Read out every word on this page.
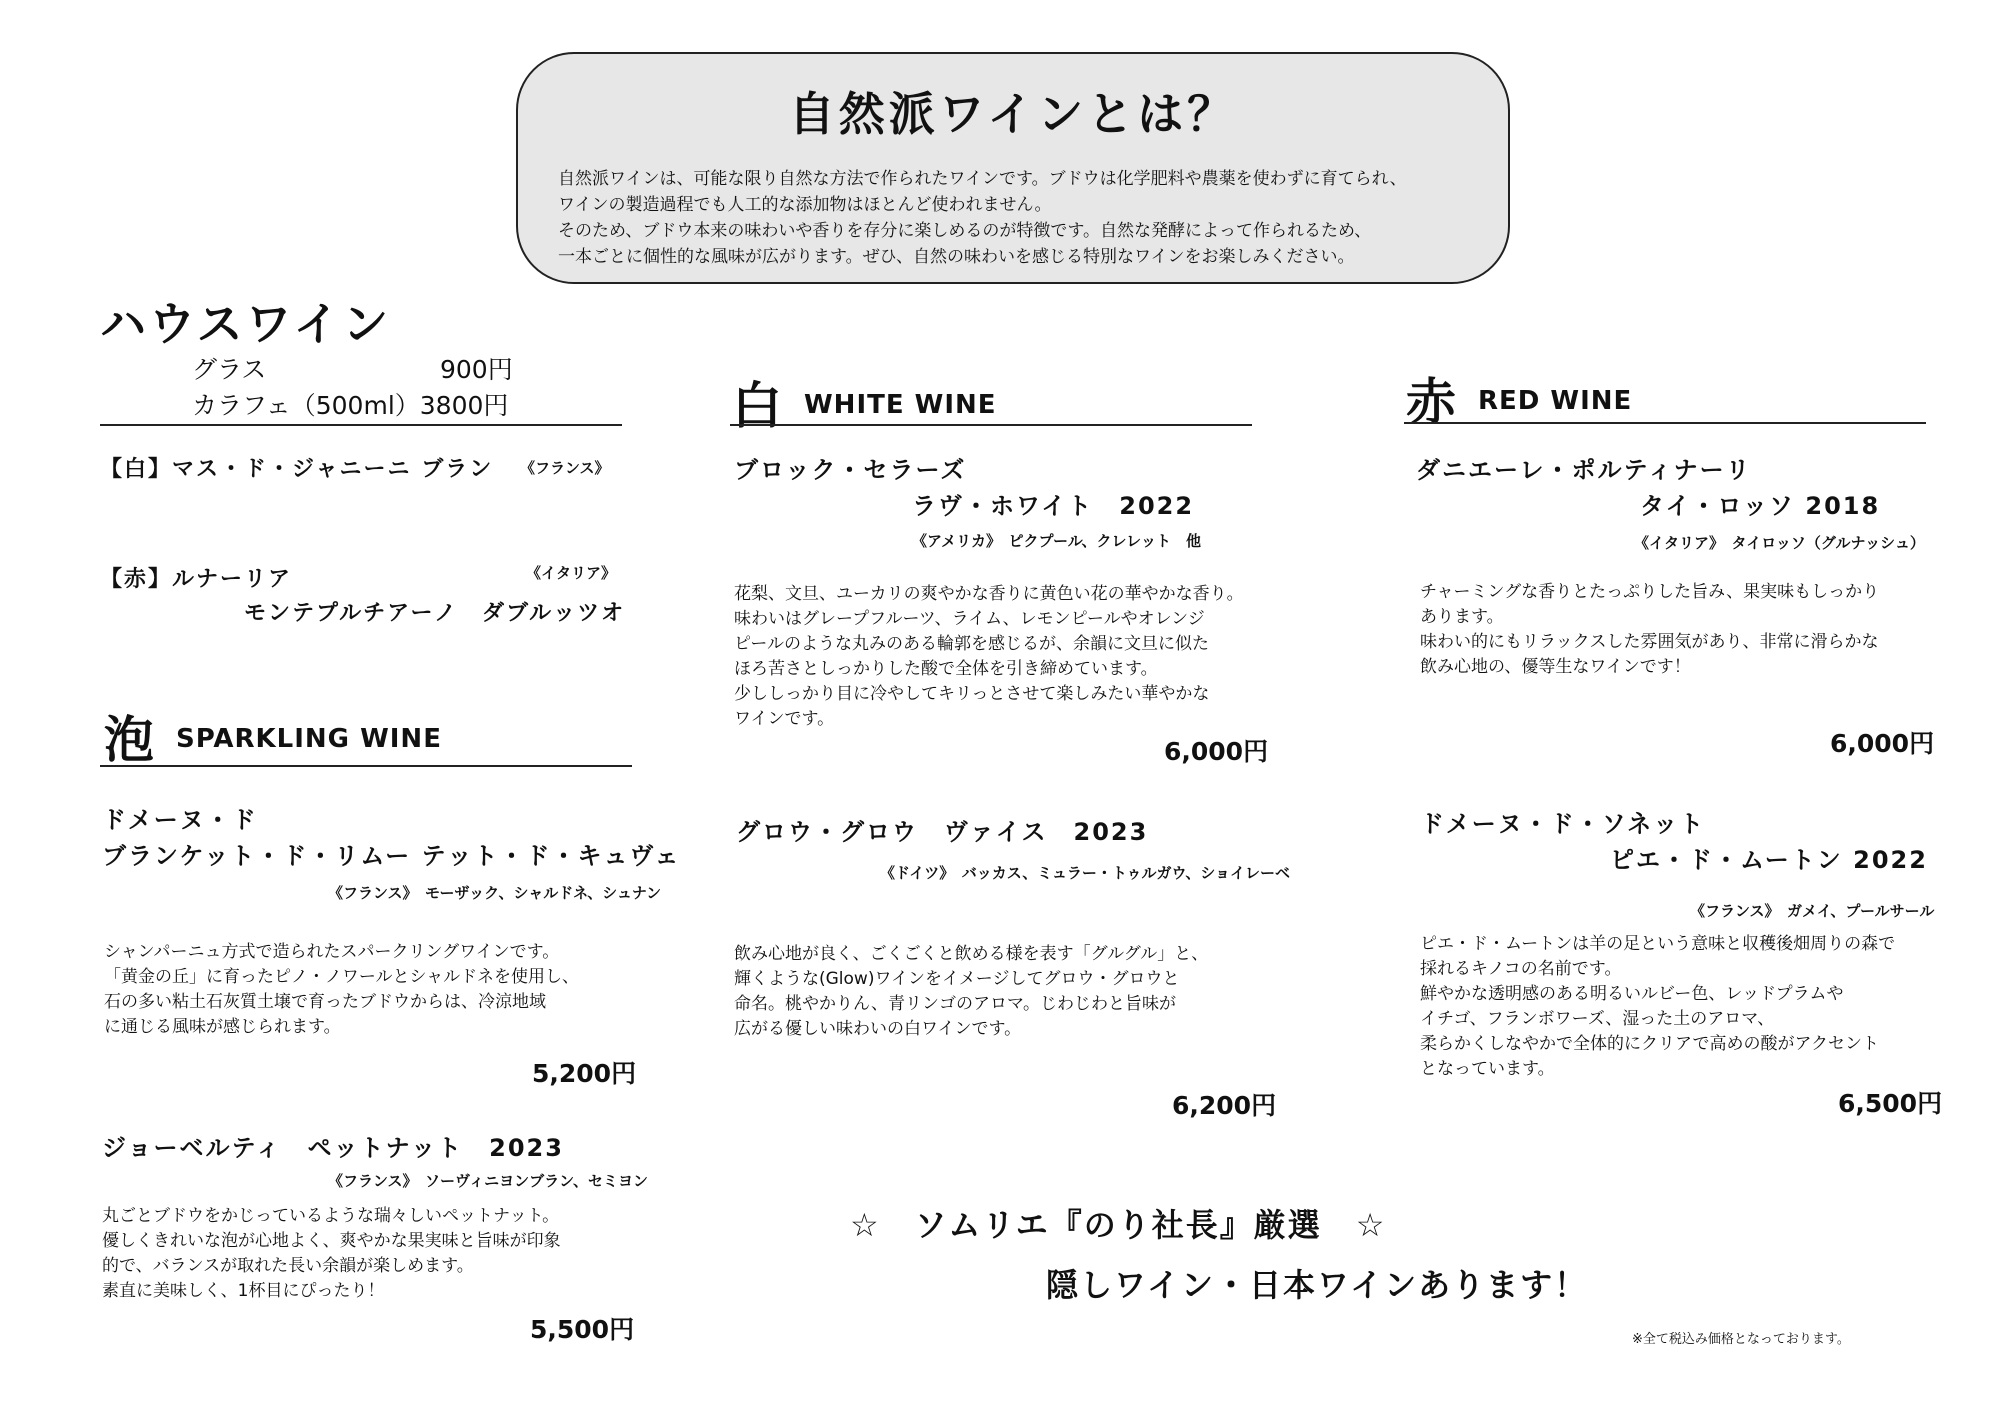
自然派ワインとは？
自然派ワインは、可能な限り自然な方法で作られたワインです。ブドウは化学肥料や農薬を使わずに育てられ、
ワインの製造過程でも人工的な添加物はほとんど使われません。
そのため、ブドウ本来の味わいや香りを存分に楽しめるのが特徴です。自然な発酵によって作られるため、
一本ごとに個性的な風味が広がります。ぜひ、自然の味わいを感じる特別なワインをお楽しみください。
ハウスワイン
グラス	900円
カラフェ（500ml）3800円
【白】マス・ド・ジャニーニ ブラン 《フランス》
【赤】ルナーリア	《イタリア》
モンテプルチアーノ　ダブルッツオ
泡SPARKLING WINE
ドメーヌ・ド
ブランケット・ド・リムー テット・ド・キュヴェ
《フランス》　モーザック、シャルドネ、シュナン
シャンパーニュ方式で造られたスパークリングワインです。
「黄金の丘」に育ったピノ・ノワールとシャルドネを使用し、
石の多い粘土石灰質土壌で育ったブドウからは、冷涼地域
に通じる風味が感じられます。
5,200円
ジョーベルティ　ペットナット　2023
《フランス》　ソーヴィニヨンブラン、セミヨン
丸ごとブドウをかじっているような瑞々しいペットナット。
優しくきれいな泡が心地よく、爽やかな果実味と旨味が印象
的で、バランスが取れた長い余韻が楽しめます。
素直に美味しく、1杯目にぴったり！
5,500円
白WHITE WINE
ブロック・セラーズ
ラヴ・ホワイト　2022
《アメリカ》　ピクプール、クレレット　他
花梨、文旦、ユーカリの爽やかな香りに黄色い花の華やかな香り。
味わいはグレープフルーツ、ライム、レモンピールやオレンジ
ピールのような丸みのある輪郭を感じるが、余韻に文旦に似た
ほろ苦さとしっかりした酸で全体を引き締めています。
少ししっかり目に冷やしてキリっとさせて楽しみたい華やかな
ワインです。
6,000円
グロウ・グロウ　ヴァイス　2023
《ドイツ》　バッカス、ミュラー・トゥルガウ、ショイレーベ
飲み心地が良く、ごくごくと飲める様を表す「グルグル」と、
輝くような(Glow)ワインをイメージしてグロウ・グロウと
命名。桃やかりん、青リンゴのアロマ。じわじわと旨味が
広がる優しい味わいの白ワインです。
6,200円
赤RED WINE
ダニエーレ・ポルティナーリ
タイ・ロッソ 2018
《イタリア》　タイロッソ（グルナッシュ）
チャーミングな香りとたっぷりした旨み、果実味もしっかり
あります。
味わい的にもリラックスした雰囲気があり、非常に滑らかな
飲み心地の、優等生なワインです！
6,000円
ドメーヌ・ド・ソネット
ピエ・ド・ムートン 2022
《フランス》　ガメイ、プールサール
ピエ・ド・ムートンは羊の足という意味と収穫後畑周りの森で
採れるキノコの名前です。
鮮やかな透明感のある明るいルビー色、レッドプラムや
イチゴ、フランボワーズ、湿った土のアロマ、
柔らかくしなやかで全体的にクリアで高めの酸がアクセント
となっています。
6,500円
☆　ソムリエ『のり社長』厳選　☆
隠しワイン・日本ワインあります！
※全て税込み価格となっております。
